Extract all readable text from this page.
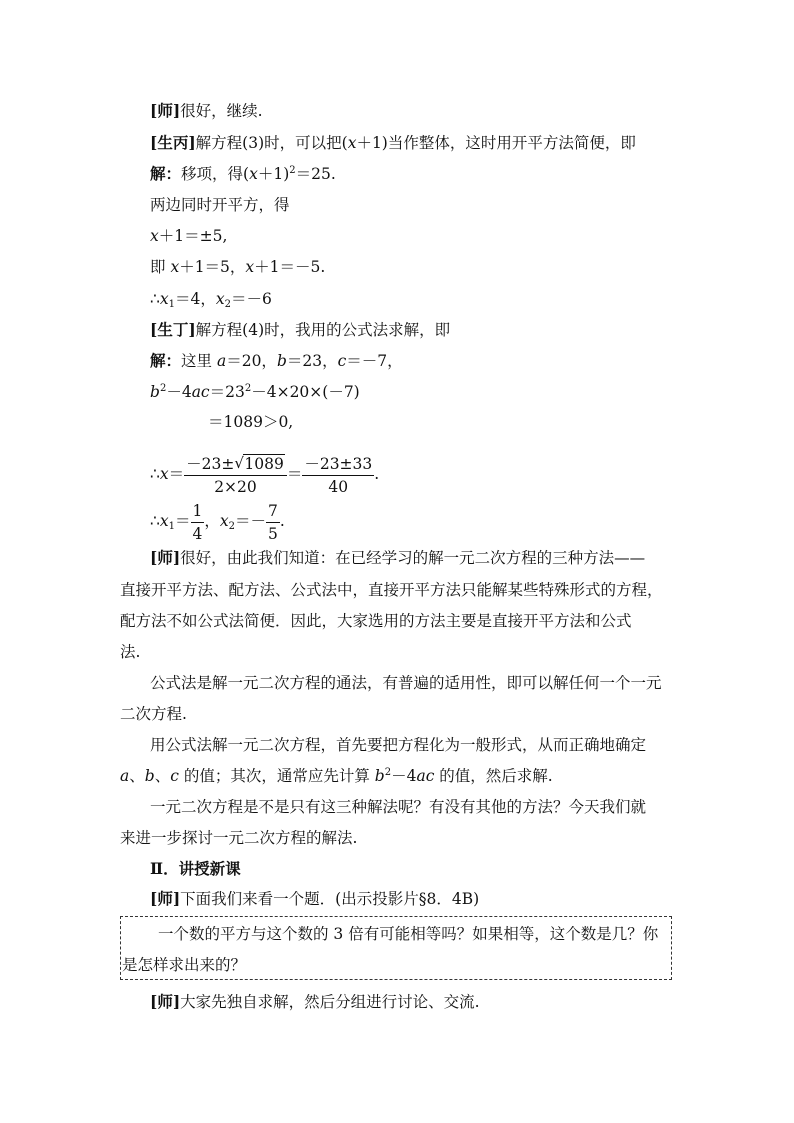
[师]很好，继续.
[生丙]解方程(3)时，可以把(x＋1)当作整体，这时用开平方法简便，即
解：移项，得$(x+1)^2=25$.
两边同时开平方，得
x＋1＝±5,
即 x＋1＝5，x＋1＝－5.
$\therefore x_1=4$，$x_2=-6$
[生丁]解方程(4)时，我用的公式法求解，即
解：这里 a＝20，b＝23，c＝－7，
$b^2-4ac=23^2-4\times 20\times(-7)$
＝1089＞0,
∴x＝ $\frac{-23\pm √ 1089}{2\times 20} = \frac{-23\pm 33}{40}$ .
$\therefore x_1= \frac{1}{4}$ ，$x_2=- \frac{7}{5}$ .
[师]很好，由此我们知道：在已经学习的解一元二次方程的三种方法——
直接开平方法、配方法、公式法中，直接开平方法只能解某些特殊形式的方程，
配方法不如公式法简便．因此，大家选用的方法主要是直接开平方法和公式
法.
公式法是解一元二次方程的通法，有普遍的适用性，即可以解任何一个一元
二次方程.
用公式法解一元二次方程，首先要把方程化为一般形式，从而正确地确定
a、b、c 的值；其次，通常应先计算 $b^2-4ac$ 的值，然后求解.
一元二次方程是不是只有这三种解法呢？有没有其他的方法？今天我们就
来进一步探讨一元二次方程的解法.
Ⅱ．讲授新课
[师]下面我们来看一个题．(出示投影片§8．4B)
一个数的平方与这个数的 3 倍有可能相等吗？如果相等，这个数是几？你
是怎样求出来的？
[师]大家先独自求解，然后分组进行讨论、交流.
